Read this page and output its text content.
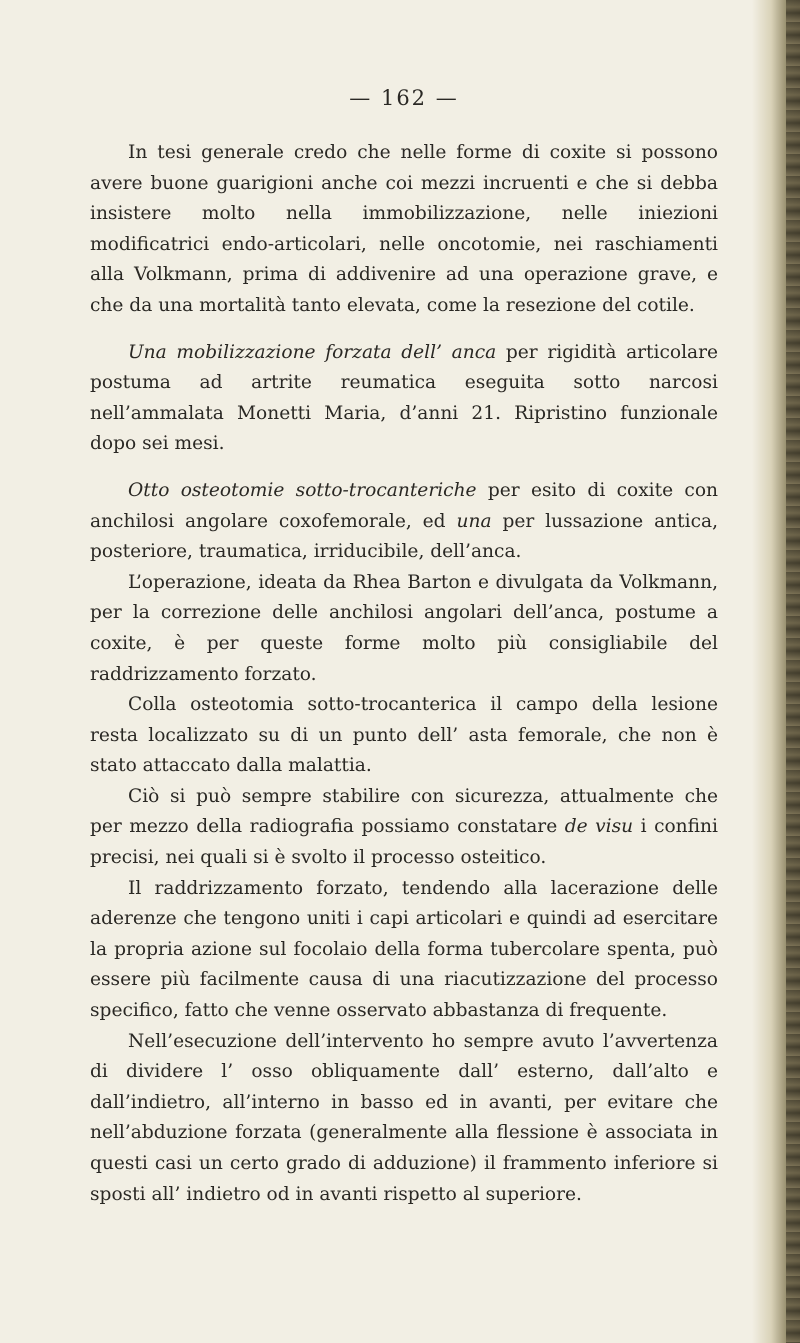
— 162 —

In tesi generale credo che nelle forme di coxite si possono avere buone guarigioni anche coi mezzi incruenti e che si debba insistere molto nella immobilizzazione, nelle iniezioni modificatrici endo-articolari, nelle oncotomie, nei raschiamenti alla Volkmann, prima di addivenire ad una operazione grave, e che da una mortalità tanto elevata, come la resezione del cotile.

Una mobilizzazione forzata dell’ anca per rigidità articolare postuma ad artrite reumatica eseguita sotto narcosi nell’ammalata Monetti Maria, d’anni 21. Ripristino funzionale dopo sei mesi.

Otto osteotomie sotto-trocanteriche per esito di coxite con anchilosi angolare coxofemorale, ed una per lussazione antica, posteriore, traumatica, irriducibile, dell’anca.

L’operazione, ideata da Rhea Barton e divulgata da Volkmann, per la correzione delle anchilosi angolari dell’anca, postume a coxite, è per queste forme molto più consigliabile del raddrizzamento forzato.

Colla osteotomia sotto-trocanterica il campo della lesione resta localizzato su di un punto dell’ asta femorale, che non è stato attaccato dalla malattia.

Ciò si può sempre stabilire con sicurezza, attualmente che per mezzo della radiografia possiamo constatare de visu i confini precisi, nei quali si è svolto il processo osteitico.

Il raddrizzamento forzato, tendendo alla lacerazione delle aderenze che tengono uniti i capi articolari e quindi ad esercitare la propria azione sul focolaio della forma tubercolare spenta, può essere più facilmente causa di una riacutizzazione del processo specifico, fatto che venne osservato abbastanza di frequente.

Nell’esecuzione dell’intervento ho sempre avuto l’avvertenza di dividere l’ osso obliquamente dall’ esterno, dall’alto e dall’indietro, all’interno in basso ed in avanti, per evitare che nell’abduzione forzata (generalmente alla flessione è associata in questi casi un certo grado di adduzione) il frammento inferiore si sposti all’ indietro od in avanti rispetto al superiore.
